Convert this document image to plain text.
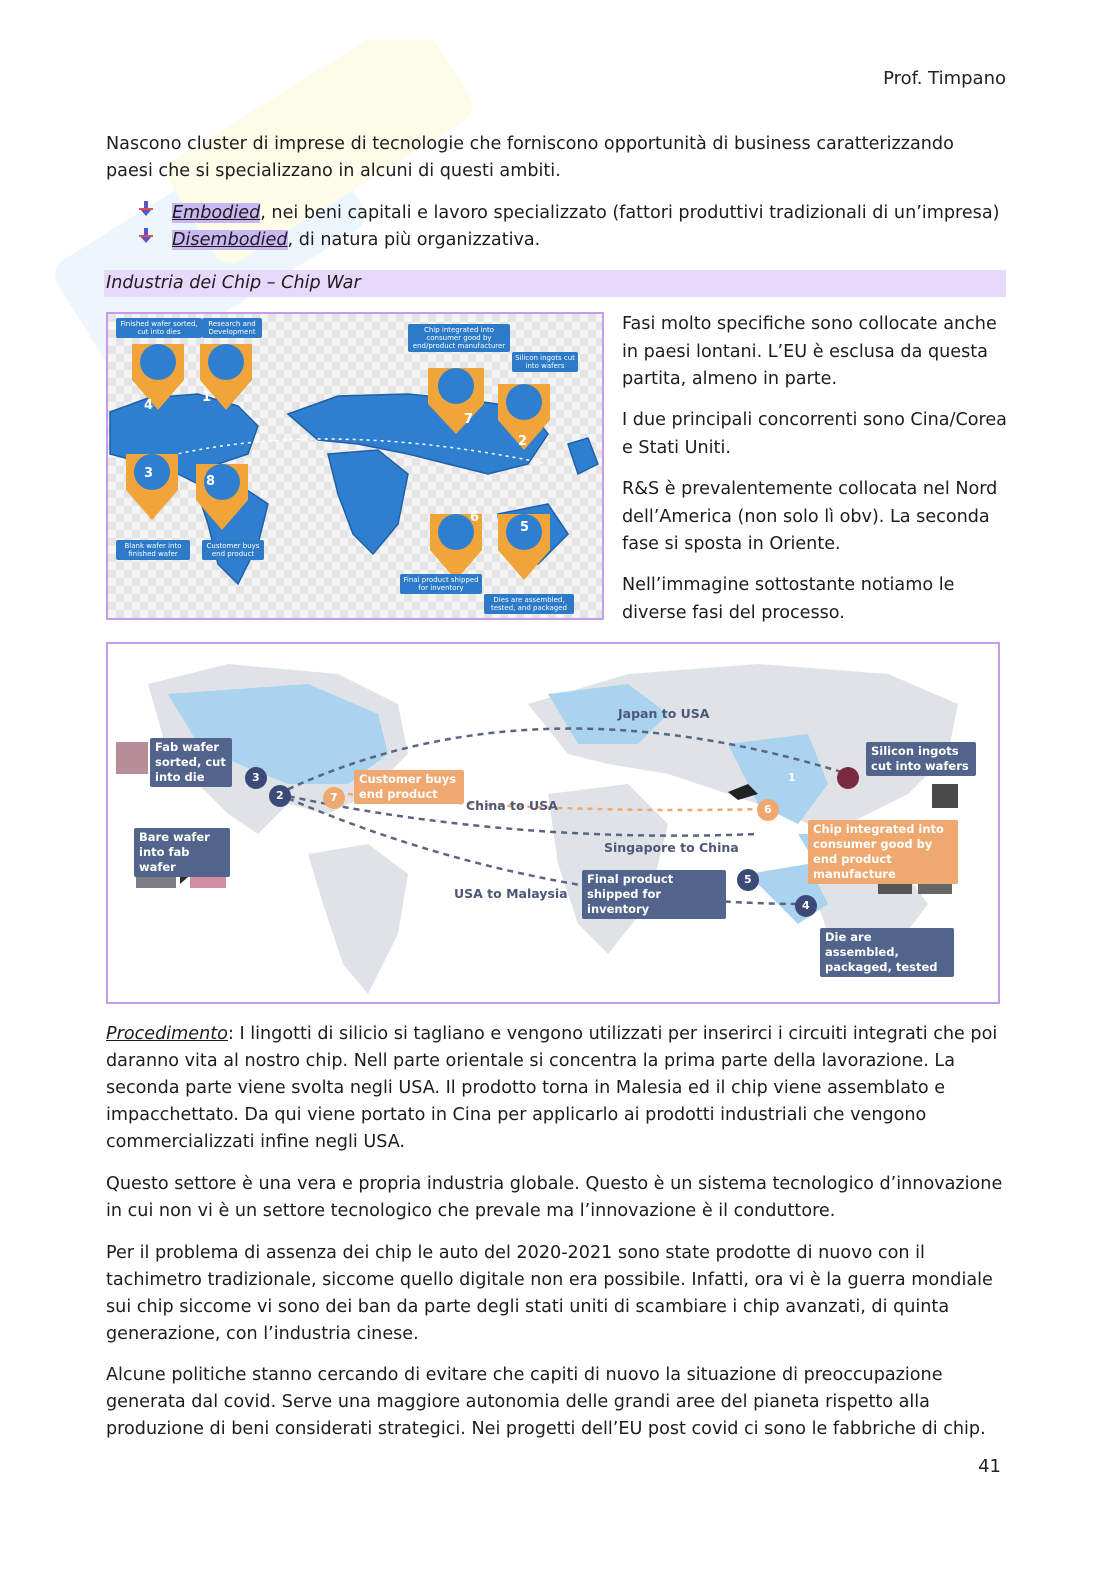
Prof. Timpano

Nascono cluster di imprese di tecnologie che forniscono opportunità di business caratterizzando paesi che si specializzano in alcuni di questi ambiti.

Embodied, nei beni capitali e lavoro specializzato (fattori produttivi tradizionali di un’impresa)
Disembodied, di natura più organizzativa.
Industria dei Chip – Chip War
Finished wafer sorted, cut into dies
Research and Development	Chip integrated into consumer good by end/product manufacturer
Silicon ingots cut into wafers
Blank wafer into finished wafer
Customer buys end product
Final product shipped for inventory
Dies are assembled, tested, and packaged
4
1
3
8
7
2
6
5

Fasi molto specifiche sono collocate anche in paesi lontani. L’EU è esclusa da questa partita, almeno in parte.

I due principali concorrenti sono Cina/Corea e Stati Uniti.

R&S è prevalentemente collocata nel Nord dell’America (non solo lì obv). La seconda fase si sposta in Oriente.

Nell’immagine sottostante notiamo le diverse fasi del processo.

1
2
3
4
5
6
7
Fab wafer sorted, cut into die
Bare wafer into fab wafer
Customer buys end product
Silicon ingots cut into wafers
Chip integrated into consumer good by end product manufacture
Final product shipped for inventory
Die are assembled, packaged, tested
Japan to USA
China to USA
Singapore to China
USA to Malaysia

Procedimento: I lingotti di silicio si tagliano e vengono utilizzati per inserirci i circuiti integrati che poi daranno vita al nostro chip. Nell parte orientale si concentra la prima parte della lavorazione. La seconda parte viene svolta negli USA. Il prodotto torna in Malesia ed il chip viene assemblato e impacchettato. Da qui viene portato in Cina per applicarlo ai prodotti industriali che vengono commercializzati infine negli USA.

Questo settore è una vera e propria industria globale. Questo è un sistema tecnologico d’innovazione in cui non vi è un settore tecnologico che prevale ma l’innovazione è il conduttore.

Per il problema di assenza dei chip le auto del 2020-2021 sono state prodotte di nuovo con il tachimetro tradizionale, siccome quello digitale non era possibile. Infatti, ora vi è la guerra mondiale sui chip siccome vi sono dei ban da parte degli stati uniti di scambiare i chip avanzati, di quinta generazione, con l’industria cinese.

Alcune politiche stanno cercando di evitare che capiti di nuovo la situazione di preoccupazione generata dal covid. Serve una maggiore autonomia delle grandi aree del pianeta rispetto alla produzione di beni considerati strategici. Nei progetti dell’EU post covid ci sono le fabbriche di chip.

41
